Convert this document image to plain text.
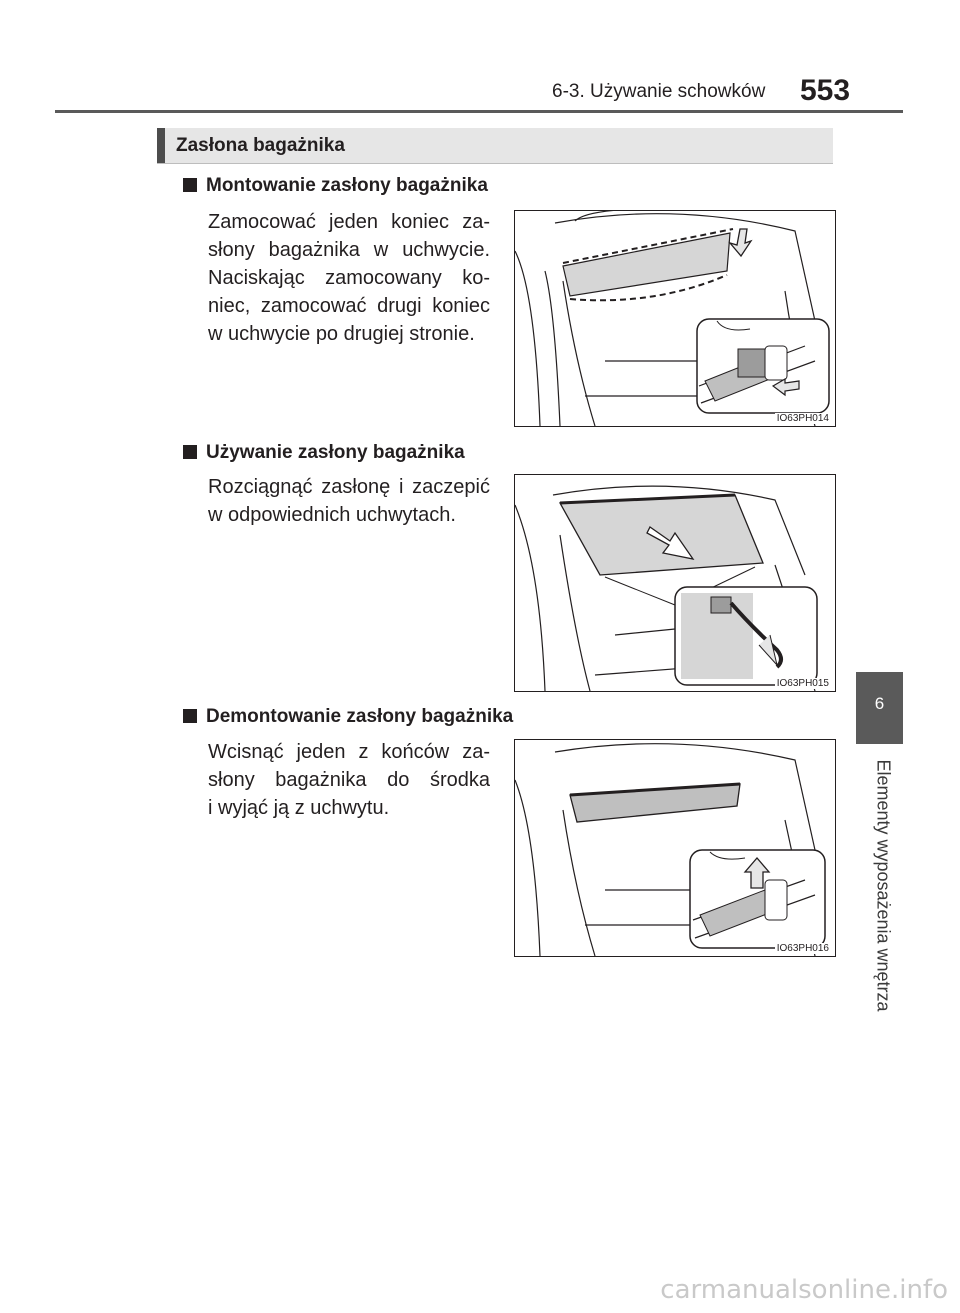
6-3. Używanie schowków 553
Zasłona bagażnika
Montowanie zasłony bagażnika

Zamocować jeden koniec za-

słony bagażnika w uchwycie.

Naciskając zamocowany ko-

niec, zamocować drugi koniec

w uchwycie po drugiej stronie.

IO63PH014
Używanie zasłony bagażnika

Rozciągnąć zasłonę i zaczepić

w odpowiednich uchwytach.

IO63PH015
Demontowanie zasłony bagażnika

Wcisnąć jeden z końców za-

słony bagażnika do środka

i wyjąć ją z uchwytu.

IO63PH016
6
Elementy wyposażenia wnętrza
carmanualsonline.info
